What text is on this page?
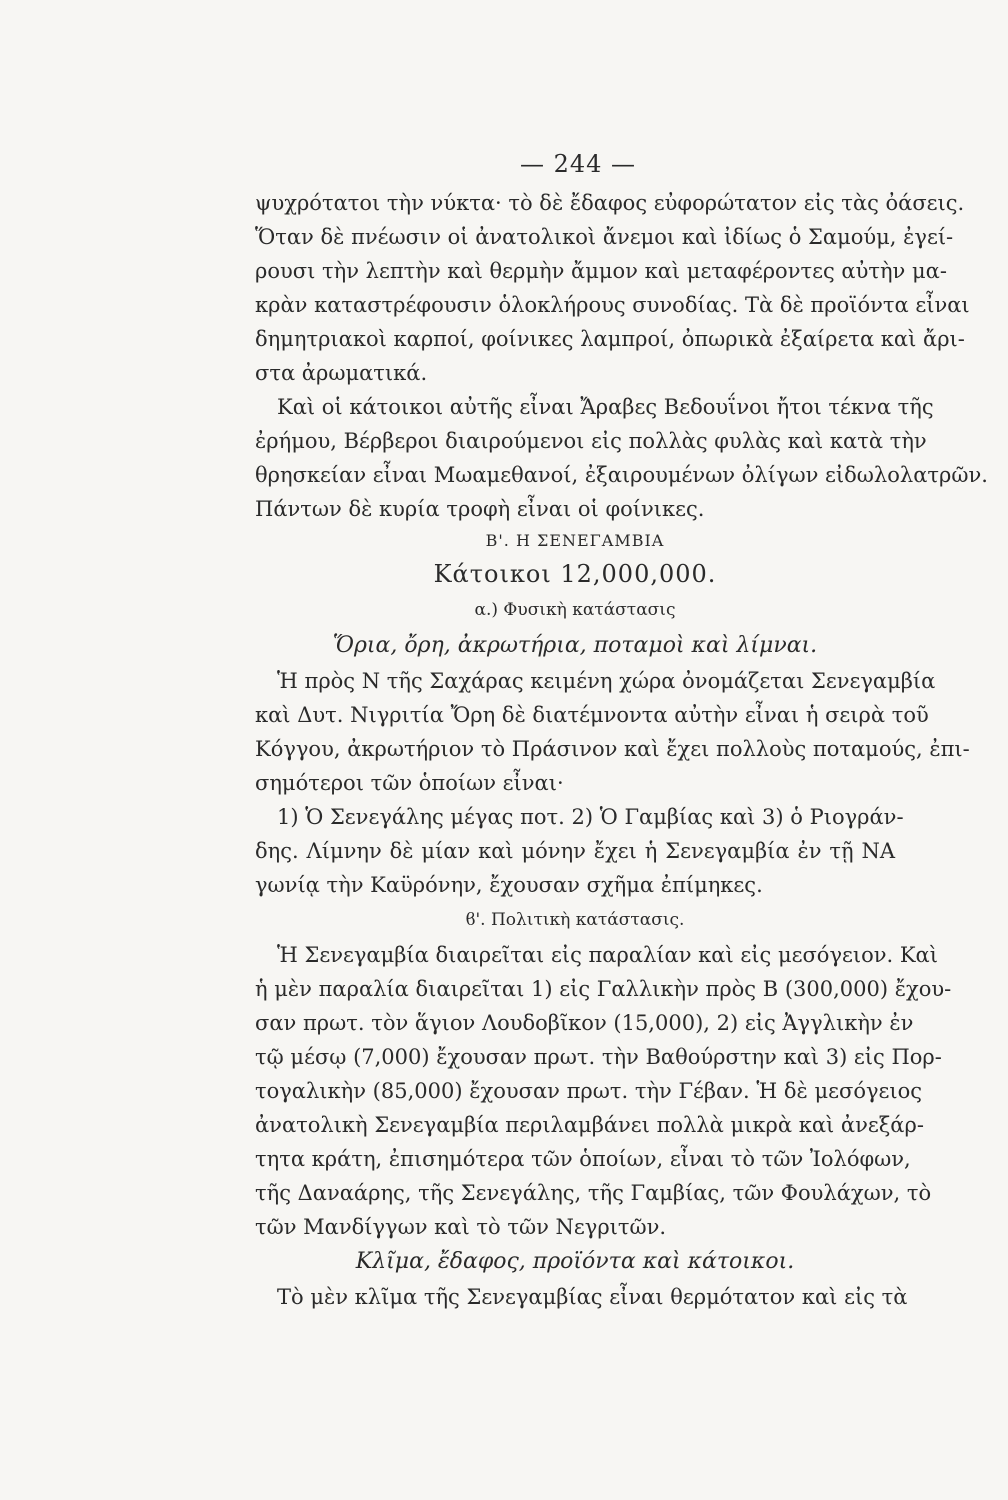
— 244 —
ψυχρότατοι τὴν νύκτα· τὸ δὲ ἔδαφος εὐφορώτατον εἰς τὰς ὀάσεις.
Ὅταν δὲ πνέωσιν οἱ ἀνατολικοὶ ἄνεμοι καὶ ἰδίως ὁ Σαμούμ, ἐγεί-
ρουσι τὴν λεπτὴν καὶ θερμὴν ἄμμον καὶ μεταφέροντες αὐτὴν μα-
κρὰν καταστρέφουσιν ὁλοκλήρους συνοδίας. Τὰ δὲ προϊόντα εἶναι
δημητριακοὶ καρποί, φοίνικες λαμπροί, ὀπωρικὰ ἐξαίρετα καὶ ἄρι-
στα ἀρωματικά.
Καὶ οἱ κάτοικοι αὐτῆς εἶναι Ἄραβες Βεδουΐνοι ἤτοι τέκνα τῆς
ἐρήμου, Βέρβεροι διαιρούμενοι εἰς πολλὰς φυλὰς καὶ κατὰ τὴν
θρησκείαν εἶναι Μωαμεθανοί, ἐξαιρουμένων ὀλίγων εἰδωλολατρῶν.
Πάντων δὲ κυρία τροφὴ εἶναι οἱ φοίνικες.
Β'. Η ΣΕΝΕΓΑΜΒΙΑ
Κάτοικοι 12,000,000.
α.) Φυσικὴ κατάστασις
Ὅρια, ὄρη, ἀκρωτήρια, ποταμοὶ καὶ λίμναι.
Ἡ πρὸς Ν τῆς Σαχάρας κειμένη χώρα ὀνομάζεται Σενεγαμβία
καὶ Δυτ. Νιγριτία Ὄρη δὲ διατέμνοντα αὐτὴν εἶναι ἡ σειρὰ τοῦ
Κόγγου, ἀκρωτήριον τὸ Πράσινον καὶ ἔχει πολλοὺς ποταμούς, ἐπι-
σημότεροι τῶν ὁποίων εἶναι·
1) Ὁ Σενεγάλης μέγας ποτ. 2) Ὁ Γαμβίας καὶ 3) ὁ Ριογράν-
δης. Λίμνην δὲ μίαν καὶ μόνην ἔχει ἡ Σενεγαμβία ἐν τῇ ΝΑ
γωνίᾳ τὴν Καϋρόνην, ἔχουσαν σχῆμα ἐπίμηκες.
ϐ'. Πολιτικὴ κατάστασις.
Ἡ Σενεγαμβία διαιρεῖται εἰς παραλίαν καὶ εἰς μεσόγειον. Καὶ
ἡ μὲν παραλία διαιρεῖται 1) εἰς Γαλλικὴν πρὸς Β (300,000) ἔχου-
σαν πρωτ. τὸν ἅγιον Λουδοβῖκον (15,000), 2) εἰς Ἀγγλικὴν ἐν
τῷ μέσῳ (7,000) ἔχουσαν πρωτ. τὴν Βαθούρστην καὶ 3) εἰς Πορ-
τογαλικὴν (85,000) ἔχουσαν πρωτ. τὴν Γέβαν. Ἡ δὲ μεσόγειος
ἀνατολικὴ Σενεγαμβία περιλαμβάνει πολλὰ μικρὰ καὶ ἀνεξάρ-
τητα κράτη, ἐπισημότερα τῶν ὁποίων, εἶναι τὸ τῶν Ἰολόφων,
τῆς Δαναάρης, τῆς Σενεγάλης, τῆς Γαμβίας, τῶν Φουλάχων, τὸ
τῶν Μανδίγγων καὶ τὸ τῶν Νεγριτῶν.
Κλῖμα, ἔδαφος, προϊόντα καὶ κάτοικοι.
Τὸ μὲν κλῖμα τῆς Σενεγαμβίας εἶναι θερμότατον καὶ εἰς τὰ
